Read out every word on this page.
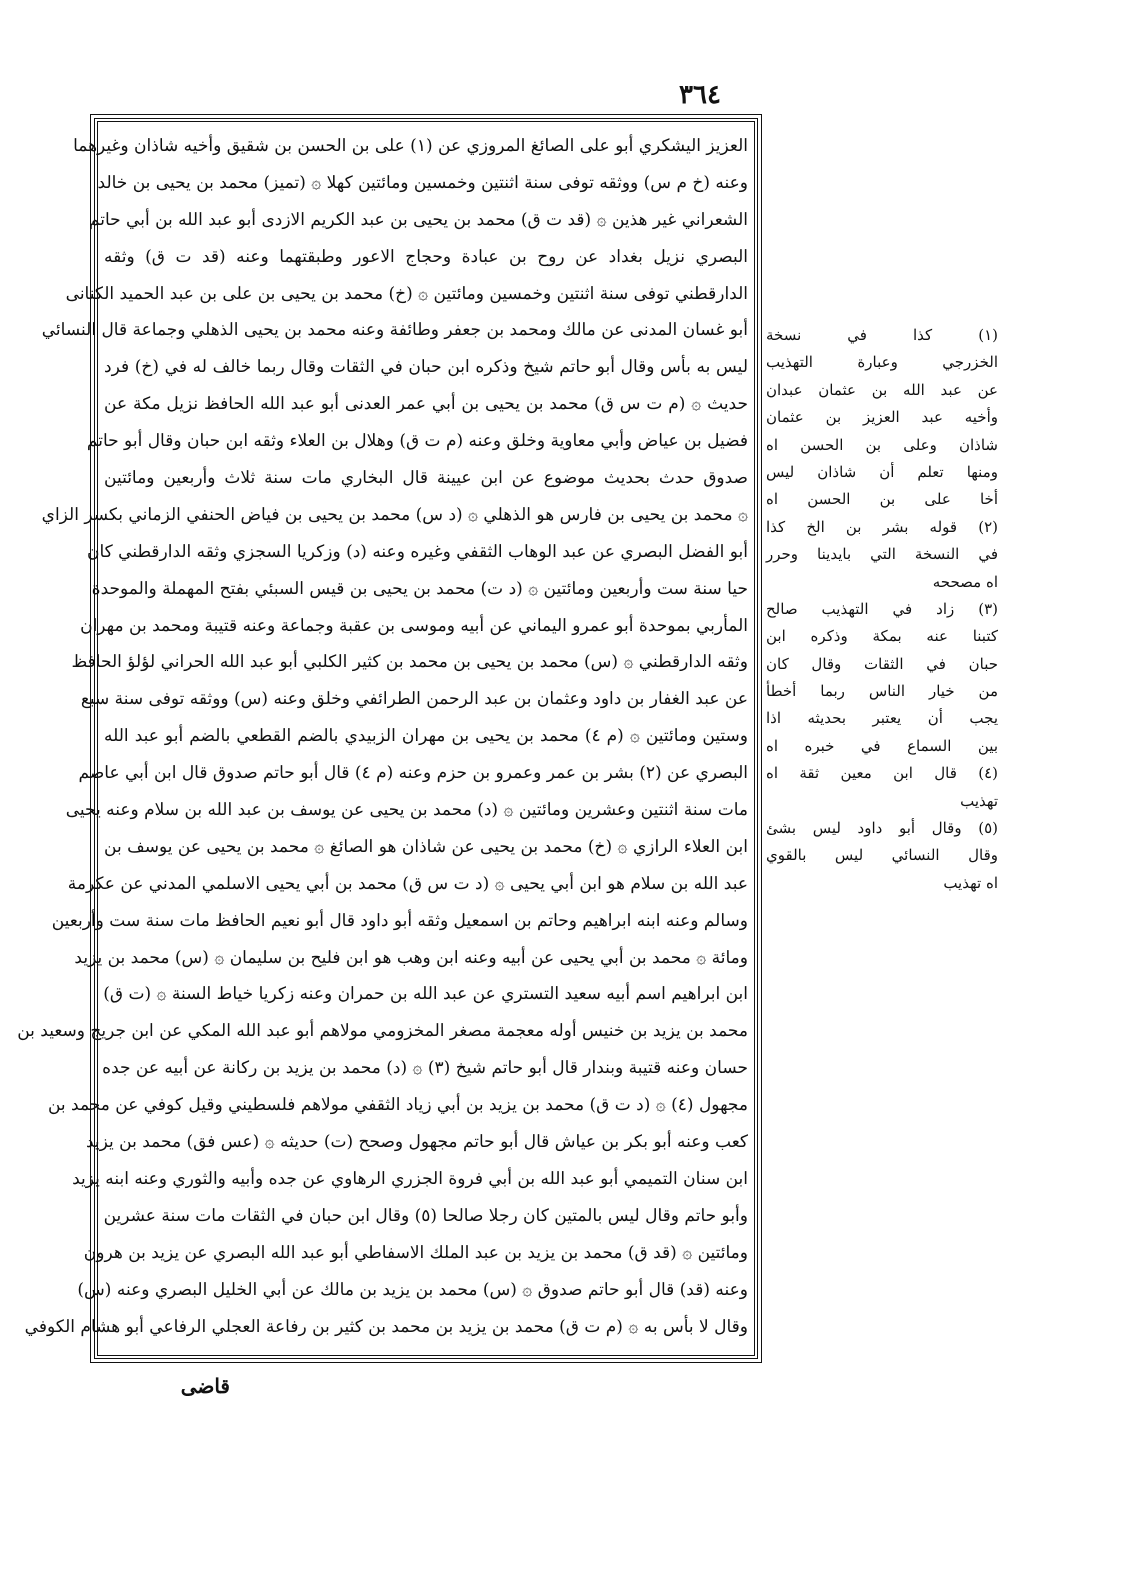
٣٦٤
العزيز اليشكري أبو على الصائغ المروزي عن (١) على بن الحسن بن شقيق وأخيه شاذان وغيرهما
وعنه (خ م س) ووثقه توفى سنة اثنتين وخمسين ومائتين كهلا ۞ (تميز) محمد بن يحيى بن خالد
الشعراني غير هذين ۞ (قد ت ق) محمد بن يحيى بن عبد الكريم الازدى أبو عبد الله بن أبي حاتم
البصري نزيل بغداد عن روح بن عبادة وحجاج الاعور وطبقتهما وعنه (قد ت ق) وثقه
الدارقطني توفى سنة اثنتين وخمسين ومائتين ۞ (خ) محمد بن يحيى بن على بن عبد الحميد الكنانى
أبو غسان المدنى عن مالك ومحمد بن جعفر وطائفة وعنه محمد بن يحيى الذهلي وجماعة قال النسائي
ليس به بأس وقال أبو حاتم شيخ وذكره ابن حبان في الثقات وقال ربما خالف له في (خ) فرد
حديث ۞ (م ت س ق) محمد بن يحيى بن أبي عمر العدنى أبو عبد الله الحافظ نزيل مكة عن
فضيل بن عياض وأبي معاوية وخلق وعنه (م ت ق) وهلال بن العلاء وثقه ابن حبان وقال أبو حاتم
صدوق حدث بحديث موضوع عن ابن عيينة قال البخاري مات سنة ثلاث وأربعين ومائتين
۞ محمد بن يحيى بن فارس هو الذهلي ۞ (د س) محمد بن يحيى بن فياض الحنفي الزماني بكسر الزاي
أبو الفضل البصري عن عبد الوهاب الثقفي وغيره وعنه (د) وزكريا السجزي وثقه الدارقطني كان
حيا سنة ست وأربعين ومائتين ۞ (د ت) محمد بن يحيى بن قيس السبئي بفتح المهملة والموحدة
المأربي بموحدة أبو عمرو اليماني عن أبيه وموسى بن عقبة وجماعة وعنه قتيبة ومحمد بن مهران
وثقه الدارقطني ۞ (س) محمد بن يحيى بن محمد بن كثير الكلبي أبو عبد الله الحراني لؤلؤ الحافظ
عن عبد الغفار بن داود وعثمان بن عبد الرحمن الطرائفي وخلق وعنه (س) ووثقه توفى سنة سبع
وستين ومائتين ۞ (م ٤) محمد بن يحيى بن مهران الزبيدي بالضم القطعي بالضم أبو عبد الله
البصري عن (٢) بشر بن عمر وعمرو بن حزم وعنه (م ٤) قال أبو حاتم صدوق قال ابن أبي عاصم
مات سنة اثنتين وعشرين ومائتين ۞ (د) محمد بن يحيى عن يوسف بن عبد الله بن سلام وعنه يحيى
ابن العلاء الرازي ۞ (خ) محمد بن يحيى عن شاذان هو الصائغ ۞ محمد بن يحيى عن يوسف بن
عبد الله بن سلام هو ابن أبي يحيى ۞ (د ت س ق) محمد بن أبي يحيى الاسلمي المدني عن عكرمة
وسالم وعنه ابنه ابراهيم وحاتم بن اسمعيل وثقه أبو داود قال أبو نعيم الحافظ مات سنة ست وأربعين
ومائة ۞ محمد بن أبي يحيى عن أبيه وعنه ابن وهب هو ابن فليح بن سليمان ۞ (س) محمد بن يزيد
ابن ابراهيم اسم أبيه سعيد التستري عن عبد الله بن حمران وعنه زكريا خياط السنة ۞ (ت ق)
محمد بن يزيد بن خنيس أوله معجمة مصغر المخزومي مولاهم أبو عبد الله المكي عن ابن جريج وسعيد بن
حسان وعنه قتيبة وبندار قال أبو حاتم شيخ (٣) ۞ (د) محمد بن يزيد بن ركانة عن أبيه عن جده
مجهول (٤) ۞ (د ت ق) محمد بن يزيد بن أبي زياد الثقفي مولاهم فلسطيني وقيل كوفي عن محمد بن
كعب وعنه أبو بكر بن عياش قال أبو حاتم مجهول وصحح (ت) حديثه ۞ (عس فق) محمد بن يزيد
ابن سنان التميمي أبو عبد الله بن أبي فروة الجزري الرهاوي عن جده وأبيه والثوري وعنه ابنه يزيد
وأبو حاتم وقال ليس بالمتين كان رجلا صالحا (٥) وقال ابن حبان في الثقات مات سنة عشرين
ومائتين ۞ (قد ق) محمد بن يزيد بن عبد الملك الاسفاطي أبو عبد الله البصري عن يزيد بن هرون
وعنه (قد) قال أبو حاتم صدوق ۞ (س) محمد بن يزيد بن مالك عن أبي الخليل البصري وعنه (س)
وقال لا بأس به ۞ (م ت ق) محمد بن يزيد بن محمد بن كثير بن رفاعة العجلي الرفاعي أبو هشام الكوفي
(١) كذا في نسخة
الخزرجي وعبارة التهذيب
عن عبد الله بن عثمان عبدان
وأخيه عبد العزيز بن عثمان
شاذان وعلى بن الحسن اه
ومنها تعلم أن شاذان ليس
أخا على بن الحسن اه
(٢) قوله بشر بن الخ كذا
في النسخة التي بايدينا وحرر
اه مصححه
(٣) زاد في التهذيب صالح
كتبنا عنه بمكة وذكره ابن
حبان في الثقات وقال كان
من خيار الناس ربما أخطأ
يجب أن يعتبر بحديثه اذا
بين السماع في خبره اه
(٤) قال ابن معين ثقة اه
تهذيب
(٥) وقال أبو داود ليس بشئ
وقال النسائي ليس بالقوي
اه تهذيب
قاضى
